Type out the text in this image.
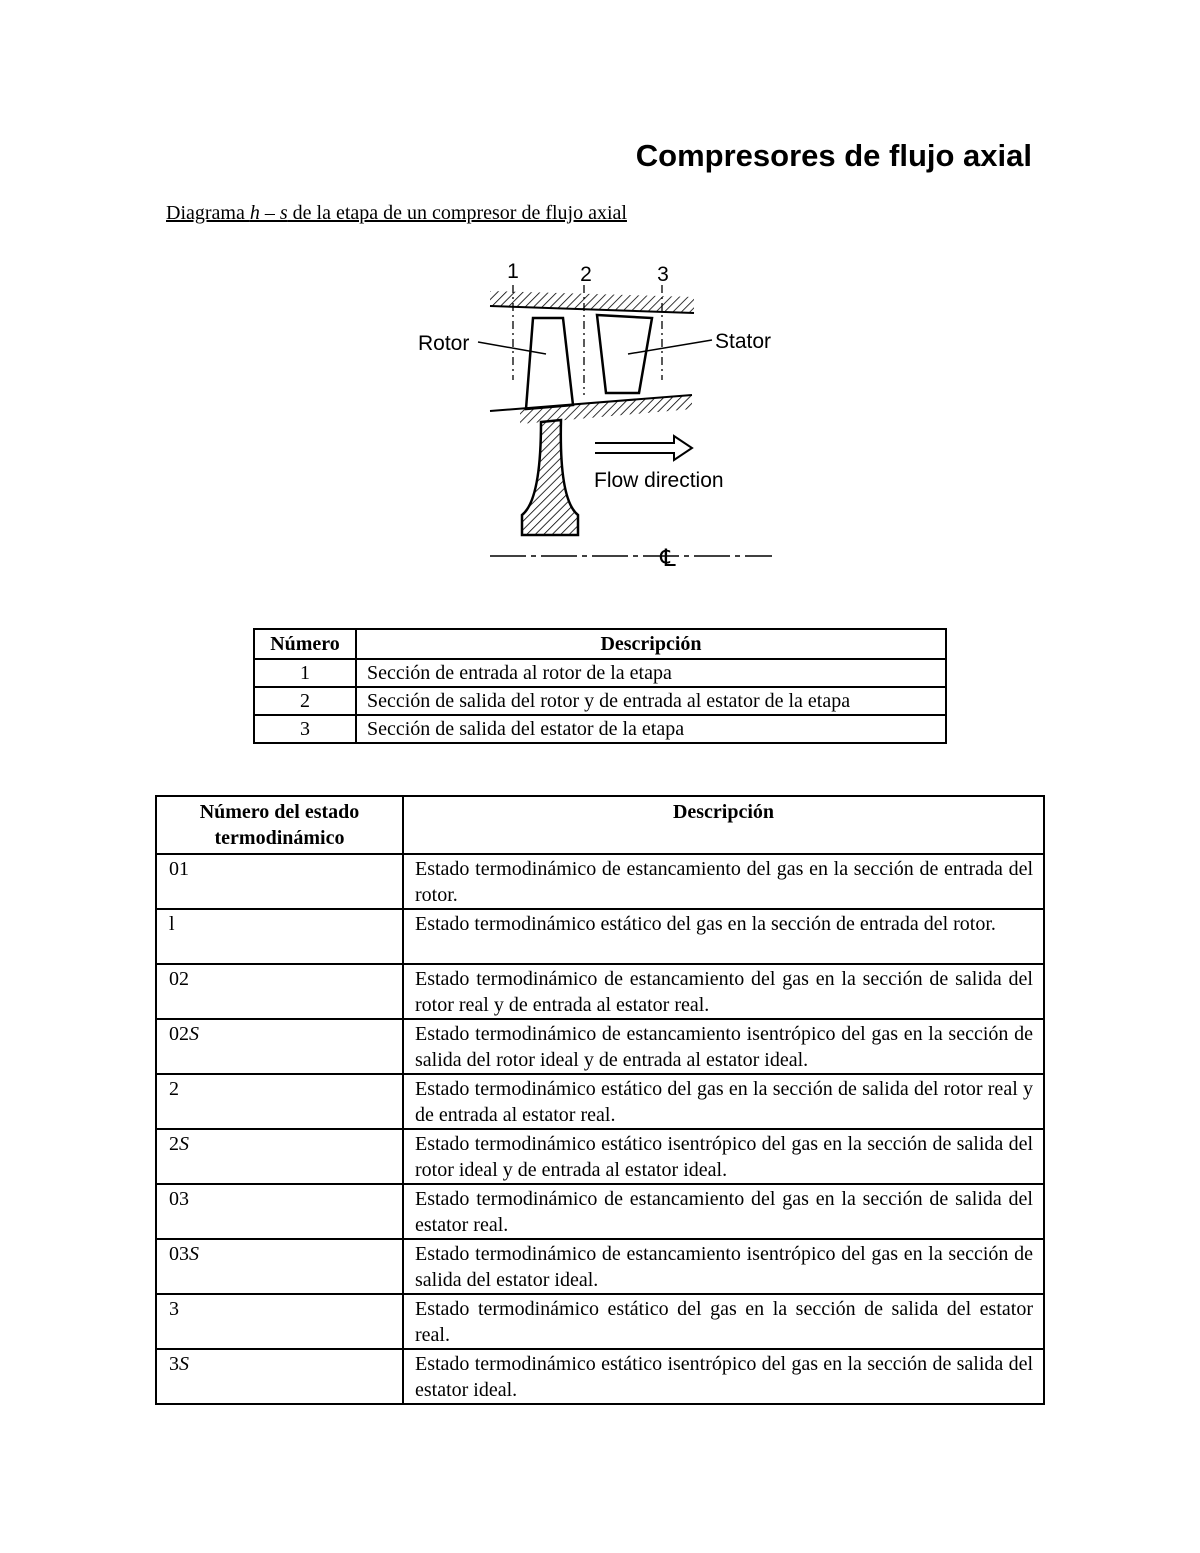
Compresores de flujo axial
Diagrama h – s de la etapa de un compresor de flujo axial
1	2	3
Rotor	Stator
Flow direction
℄
Número	Descripción
1	Sección de entrada al rotor de la etapa
2	Sección de salida del rotor y de entrada al estator de la etapa
3	Sección de salida del estator de la etapa
Número del estado termodinámico	Descripción
01	Estado termodinámico de estancamiento del gas en la sección de entrada del rotor.
l	Estado termodinámico estático del gas en la sección de entrada del rotor.
02	Estado termodinámico de estancamiento del gas en la sección de salida del rotor real y de entrada al estator real.
02S	Estado termodinámico de estancamiento isentrópico del gas en la sección de salida del rotor ideal y de entrada al estator ideal.
2	Estado termodinámico estático del gas en la sección de salida del rotor real y de entrada al estator real.
2S	Estado termodinámico estático isentrópico del gas en la sección de salida del rotor ideal y de entrada al estator ideal.
03	Estado termodinámico de estancamiento del gas en la sección de salida del estator real.
03S	Estado termodinámico de estancamiento isentrópico del gas en la sección de salida del estator ideal.
3	Estado termodinámico estático del gas en la sección de salida del estator real.
3S	Estado termodinámico estático isentrópico del gas en la sección de salida del estator ideal.
